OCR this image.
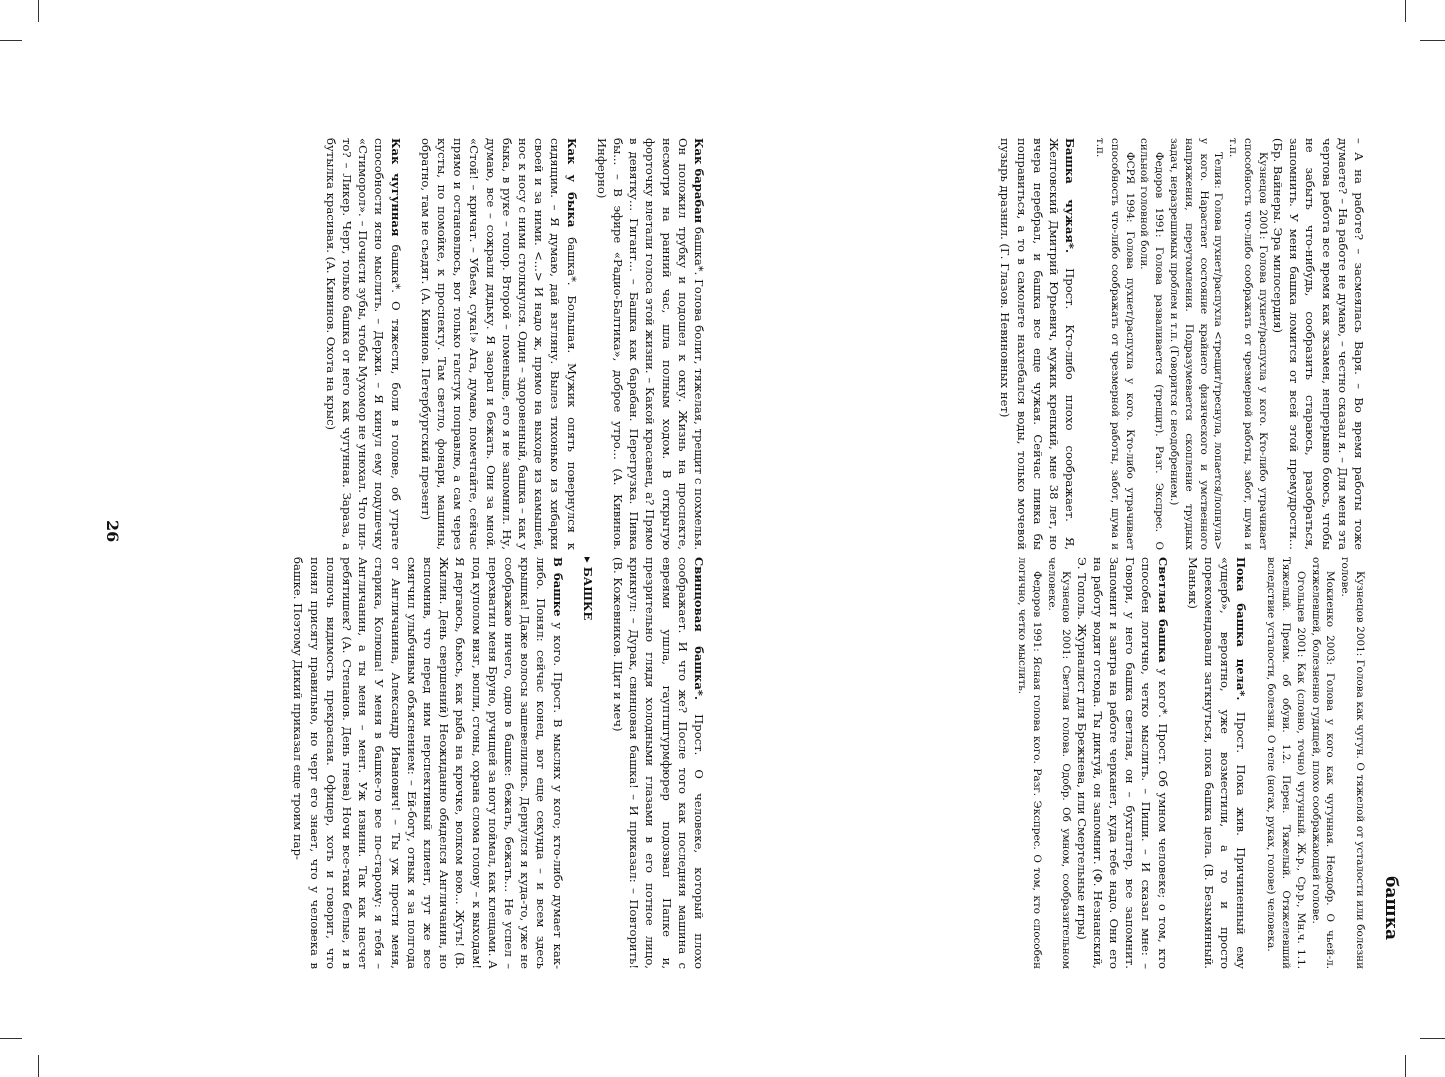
башка

– А на работе? – засмеялась Варя. – Во время работы тоже думаете? – На работе не думаю, – честно сказал я. – Для меня эта чертова работа все время как экзамен, непрерывно боюсь, чтобы не забыть что-нибудь, сообразить стараюсь, разобраться, запомнить. У меня башка ломится от всей этой премудрости... (Бр. Вайнеры. Эра милосердия)

Кузнецов 2001: Голова пухнет/распухла у кого. Кто-либо утрачивает способность что-либо соображать от чрезмерной работы, забот, шума и т.п.

Телия: Голова пухнет/распухла <трещит/треснула, лопается/лопнула> у кого. Нарастает состояние крайнего физического и умственного напряжения, переутомления. Подразумевается скопление трудных задач, неразрешимых проблем и т.п. (Говорится с неодобрением.)

Федоров 1991: Голова разваливается (трещит). Разг. Экспрес. О сильной головной боли.

ФСРЯ 1994: Голова пухнет/распухла у кого. Кто-либо утрачивает способность что-либо соображать от чрезмерной работы, забот, шума и т.п.

Башка чужая*. Прост. Кто-либо плохо соображает. Я, Желтовский Дмитрий Юрьевич, мужик крепкий, мне 38 лет, но вчера перебрал, и башка все еще чужая. Сейчас пивка бы поправиться, а то в самолете нахлебался воды, только мочевой пузырь дразнил. (Г. Глазов. Невиновных нет)

Как барабан башка*. Голова болит, тяжелая, трещит с похмелья. Он положил трубку и подошел к окну. Жизнь на проспекте, несмотря на ранний час, шла полным ходом. В открытую форточку влетали голоса этой жизни. – Какой красавец, а? Прямо в девятку... Гигант... – Башка как барабан. Перегрузка. Пивка бы... – В эфире «Радио-Балтика», доброе утро... (А. Кивинов. Инферно)

Как у быка башка*. Большая. Мужик опять повернулся к сидящим. – Я думаю, дай взгляну. Вылез тихонько из хибарки своей и за ними. <...> И надо ж, прямо на выходе из камышей, нос к носу с ними столкнулся. Один – здоровенный, башка – как у быка, в руке – топор. Второй – поменьше, его я не запомнил. Ну, думаю, все – сожрали дядьку. Я заорал и бежать. Они за мной. «Стой! – кричат. – Убьем, сука!» Ага, думаю, помечтайте, сейчас прямо и остановлюсь, вот только галстук поправлю, а сам через кусты, по помойке, к проспекту. Там светло, фонари, машины, обратно, там не съедят. (А. Кивинов. Петербургский презент)

Как чугунная башка*. О тяжести, боли в голове, об утрате способности ясно мыслить. – Держи. – Я кинул ему подушечку «Стиморол». – Почисти зубы, чтобы Мухомор не унюхал. Что пил-то? – Ликер. Черт, только башка от него как чугунная. Зараза, а бутылка красивая. (А. Кивинов. Охота на крыс)

Кузнецов 2001: Голова как чугун. О тяжелой от усталости или болезни голове.

Мокиенко 2003: Голова у кого как чугунная. Неодобр. О чьей-л. отяжелевшей, болезненно гудящей, плохо соображающей голове.

Огольцев 2001: Как (словно, точно) чугунный. Ж.р., Ср.р., Мн.ч. 1.1. Тяжелый. Преим. об обуви. 1.2. Перен. Тяжелый. Отяжелевший вследствие усталости, болезни. О теле (ногах, руках, голове) человека.

Пока башка цела*. Прост. Пока жив. Причиненный ему «ущерб», вероятно, уже возместили, а то и просто порекомендовали заткнуться, пока башка цела. (В. Безымянный. Маньяк)

Светлая башка у кого*. Прост. Об умном человеке; о том, кто способен логично, четко мыслить. – Пиши. – И сказал мне: – Говори, у него башка светлая, он – бухгалтер, все запомнит. Запомнит и завтра на работе черканет, куда тебе надо. Они его на работу водят отсюда. Ты диктуй, он запомнит. (Ф. Незнанский, Э. Тополь. Журналист для Брежнева, или Смертельные игры)

Кузнецов 2001: Светлая голова. Одобр. Об умном, сообразительном человеке.

Федоров 1991: Ясная голова кого. Разг. Экспрес. О том, кто способен логично, четко мыслить.

Свинцовая башка*. Прост. О человеке, который плохо соображает. И что же? После того как последняя машина с евреями ушла, гауптштурмфюрер подозвал Папке и, презрительно глядя холодными глазами в его потное лицо, крикнул: – Дурак, свинцовая башка! – И приказал: – Повторить! (В. Кожевников. Щит и меч)

▸ БАШКЕ

В башке у кого. Прост. В мыслях у кого; кто-либо думает как-либо. Понял: сейчас конец, вот еще секунда – и всем здесь крышка! Даже волосы зашевелились. Дернулся я куда-то, уже не соображаю ничего, одно в башке: бежать, бежать... Не успел – перехватил меня Бруно, ручищей за ногу поймал, как клещами. А под куполом визг, вопли, стоны, охрана слома голову – к выходам! Я дергаюсь, бьюсь, как рыба на крючке, волком вою... Жуть! (В. Жилин. День свершений) Неожиданно обиделся Англичанин, но вспомнив, что перед ним перспективный клиент, тут же все смягчил улыбчивым объяснением: – Ей-богу, отвык я за полгода от Англичанина, Александр Иванович! – Ты уж прости меня, старика, Колюша! У меня в башке-то все по-старому: я тебя – Англичанин, а ты меня – мент. Уж извини. Так как насчет ребятишек? (А. Степанов. День гнева) Ночи все-таки белые, и в полночь видимость прекрасная. Офицер, хоть и говорит, что понял присягу правильно, но черт его знает, что у человека в башке. Поэтому Дикий приказал еще троим пар-

26
